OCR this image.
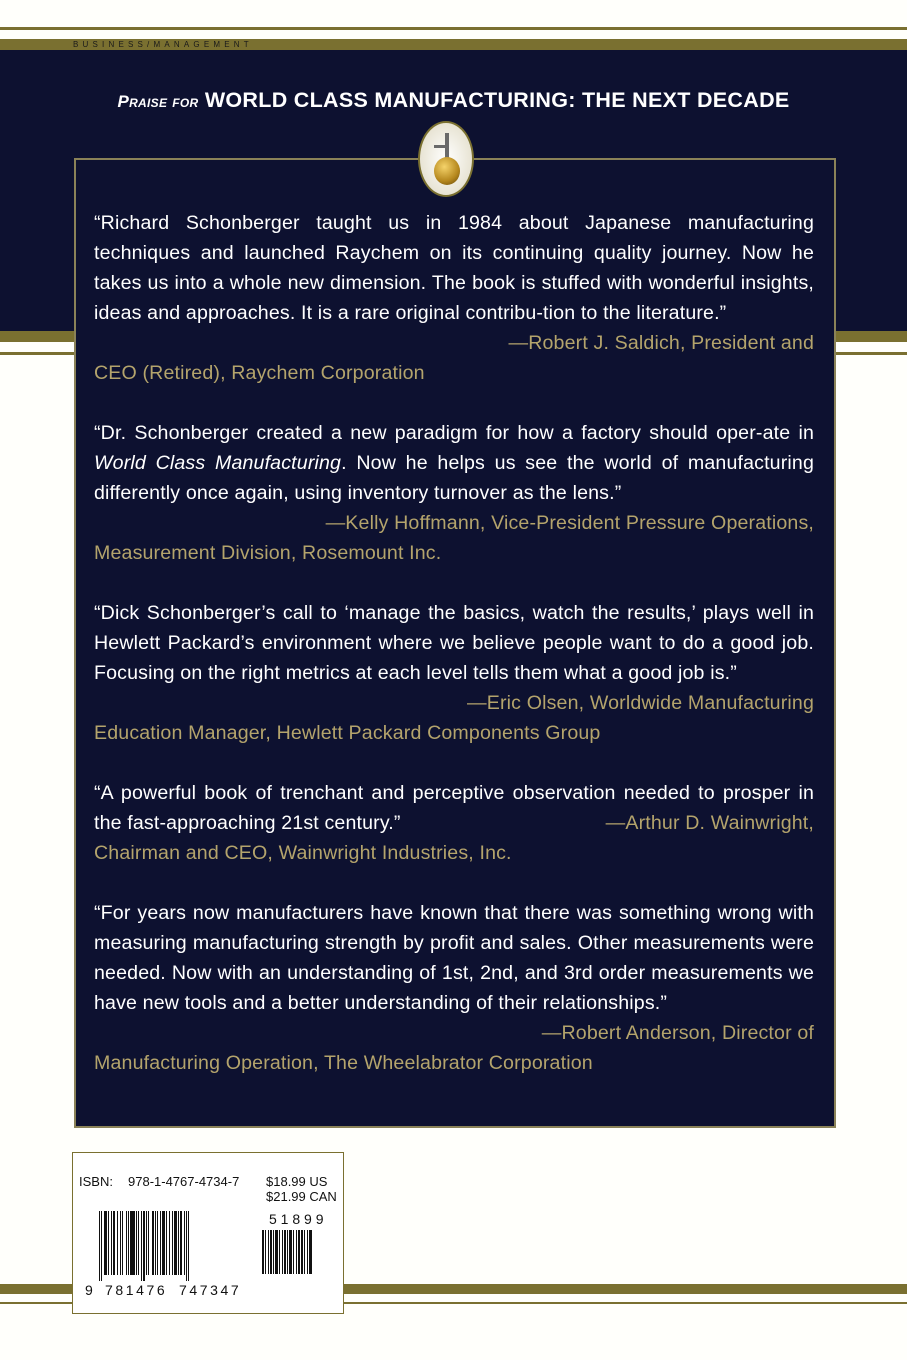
BUSINESS/MANAGEMENT
Praise for WORLD CLASS MANUFACTURING: THE NEXT DECADE
“Richard Schonberger taught us in 1984 about Japanese manufacturing techniques and launched Raychem on its continuing quality journey. Now he takes us into a whole new dimension. The book is stuffed with wonderful insights, ideas and approaches. It is a rare original contribu-tion to the literature.”
—Robert J. Saldich, President and
CEO (Retired), Raychem Corporation
“Dr. Schonberger created a new paradigm for how a factory should oper-ate in World Class Manufacturing. Now he helps us see the world of manufacturing differently once again, using inventory turnover as the lens.”
—Kelly Hoffmann, Vice-President Pressure Operations,
Measurement Division, Rosemount Inc.
“Dick Schonberger’s call to ‘manage the basics, watch the results,’ plays well in Hewlett Packard’s environment where we believe people want to do a good job. Focusing on the right metrics at each level tells them what a good job is.”
—Eric Olsen, Worldwide Manufacturing
Education Manager, Hewlett Packard Components Group
“A powerful book of trenchant and perceptive observation needed to prosper in the fast-approaching 21st century.”	—Arthur D. Wainwright,
Chairman and CEO, Wainwright Industries, Inc.
“For years now manufacturers have known that there was something wrong with measuring manufacturing strength by profit and sales. Other measurements were needed. Now with an understanding of 1st, 2nd, and 3rd order measurements we have new tools and a better understanding of their relationships.”
—Robert Anderson, Director of
Manufacturing Operation, The Wheelabrator Corporation
ISBN: 978-1-4767-4734-7 $18.99 US
$21.99 CAN
5 1 8 9 9
9 781476 747347
